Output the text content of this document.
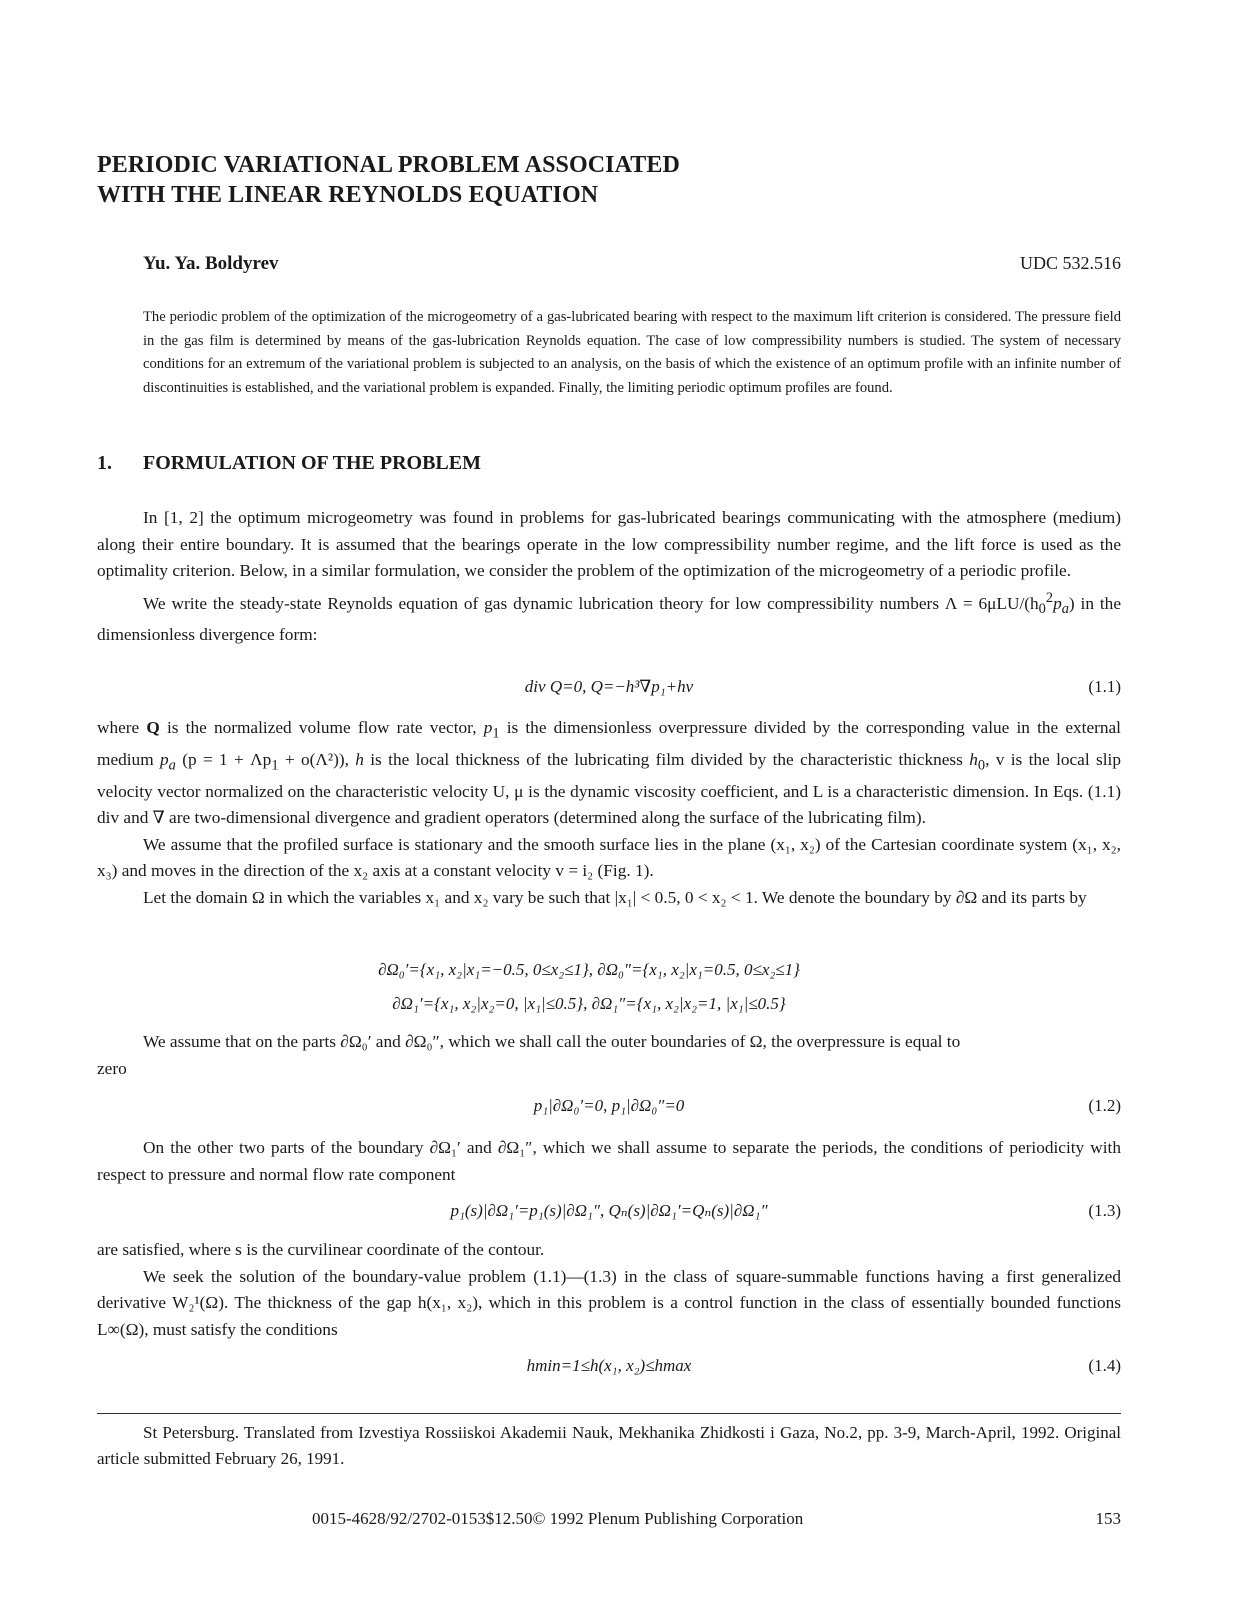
PERIODIC VARIATIONAL PROBLEM ASSOCIATED
WITH THE LINEAR REYNOLDS EQUATION
Yu. Ya. Boldyrev	UDC 532.516

The periodic problem of the optimization of the microgeometry of a gas-lubricated bearing with respect to the maximum lift criterion is considered. The pressure field in the gas film is determined by means of the gas-lubrication Reynolds equation. The case of low compressibility numbers is studied. The system of necessary conditions for an extremum of the variational problem is subjected to an analysis, on the basis of which the existence of an optimum profile with an infinite number of discontinuities is established, and the variational problem is expanded. Finally, the limiting periodic optimum profiles are found.

1. FORMULATION OF THE PROBLEM

In [1, 2] the optimum microgeometry was found in problems for gas-lubricated bearings communicating with the atmosphere (medium) along their entire boundary. It is assumed that the bearings operate in the low compressibility number regime, and the lift force is used as the optimality criterion. Below, in a similar formulation, we consider the problem of the optimization of the microgeometry of a periodic profile.

We write the steady-state Reynolds equation of gas dynamic lubrication theory for low compressibility numbers $\Lambda = 6\mu LU/(h_0^2p_a)$ in the dimensionless divergence form:

div Q=0, Q=−h³∇p₁+hv	(1.1)

where Q is the normalized volume flow rate vector, $p_1$ is the dimensionless overpressure divided by the corresponding value in the external medium $p_a$ $(p = 1 + \Lambda p_1 + o(\Lambda^2))$, h is the local thickness of the lubricating film divided by the characteristic thickness $h_0$, v is the local slip velocity vector normalized on the characteristic velocity U, μ is the dynamic viscosity coefficient, and L is a characteristic dimension. In Eqs. (1.1) div and ∇ are two-dimensional divergence and gradient operators (determined along the surface of the lubricating film).

We assume that the profiled surface is stationary and the smooth surface lies in the plane (x₁, x₂) of the Cartesian coordinate system (x₁, x₂, x₃) and moves in the direction of the x₂ axis at a constant velocity v = i₂ (Fig. 1).

Let the domain Ω in which the variables x₁ and x₂ vary be such that |x₁| < 0.5, 0 < x₂ < 1. We denote the boundary by ∂Ω and its parts by

∂Ω₀′={x₁, x₂|x₁=−0.5, 0≤x₂≤1}, ∂Ω₀″={x₁, x₂|x₁=0.5, 0≤x₂≤1}
∂Ω₁′={x₁, x₂|x₂=0, |x₁|≤0.5}, ∂Ω₁″={x₁, x₂|x₂=1, |x₁|≤0.5}

We assume that on the parts ∂Ω₀′ and ∂Ω₀″, which we shall call the outer boundaries of Ω, the overpressure is equal to

zero

p₁|∂Ω₀′=0, p₁|∂Ω₀″=0	(1.2)

On the other two parts of the boundary ∂Ω₁′ and ∂Ω₁″, which we shall assume to separate the periods, the conditions of periodicity with respect to pressure and normal flow rate component

p₁(s)|∂Ω₁′=p₁(s)|∂Ω₁″, Qₙ(s)|∂Ω₁′=Qₙ(s)|∂Ω₁″	(1.3)

are satisfied, where s is the curvilinear coordinate of the contour.

We seek the solution of the boundary-value problem (1.1)—(1.3) in the class of square-summable functions having a first generalized derivative W₂¹(Ω). The thickness of the gap h(x₁, x₂), which in this problem is a control function in the class of essentially bounded functions L∞(Ω), must satisfy the conditions

hmin=1≤h(x₁, x₂)≤hmax	(1.4)
St Petersburg. Translated from Izvestiya Rossiiskoi Akademii Nauk, Mekhanika Zhidkosti i Gaza, No.2, pp. 3-9, March-April, 1992. Original article submitted February 26, 1991.
0015-4628/92/2702-0153$12.50© 1992 Plenum Publishing Corporation	153
